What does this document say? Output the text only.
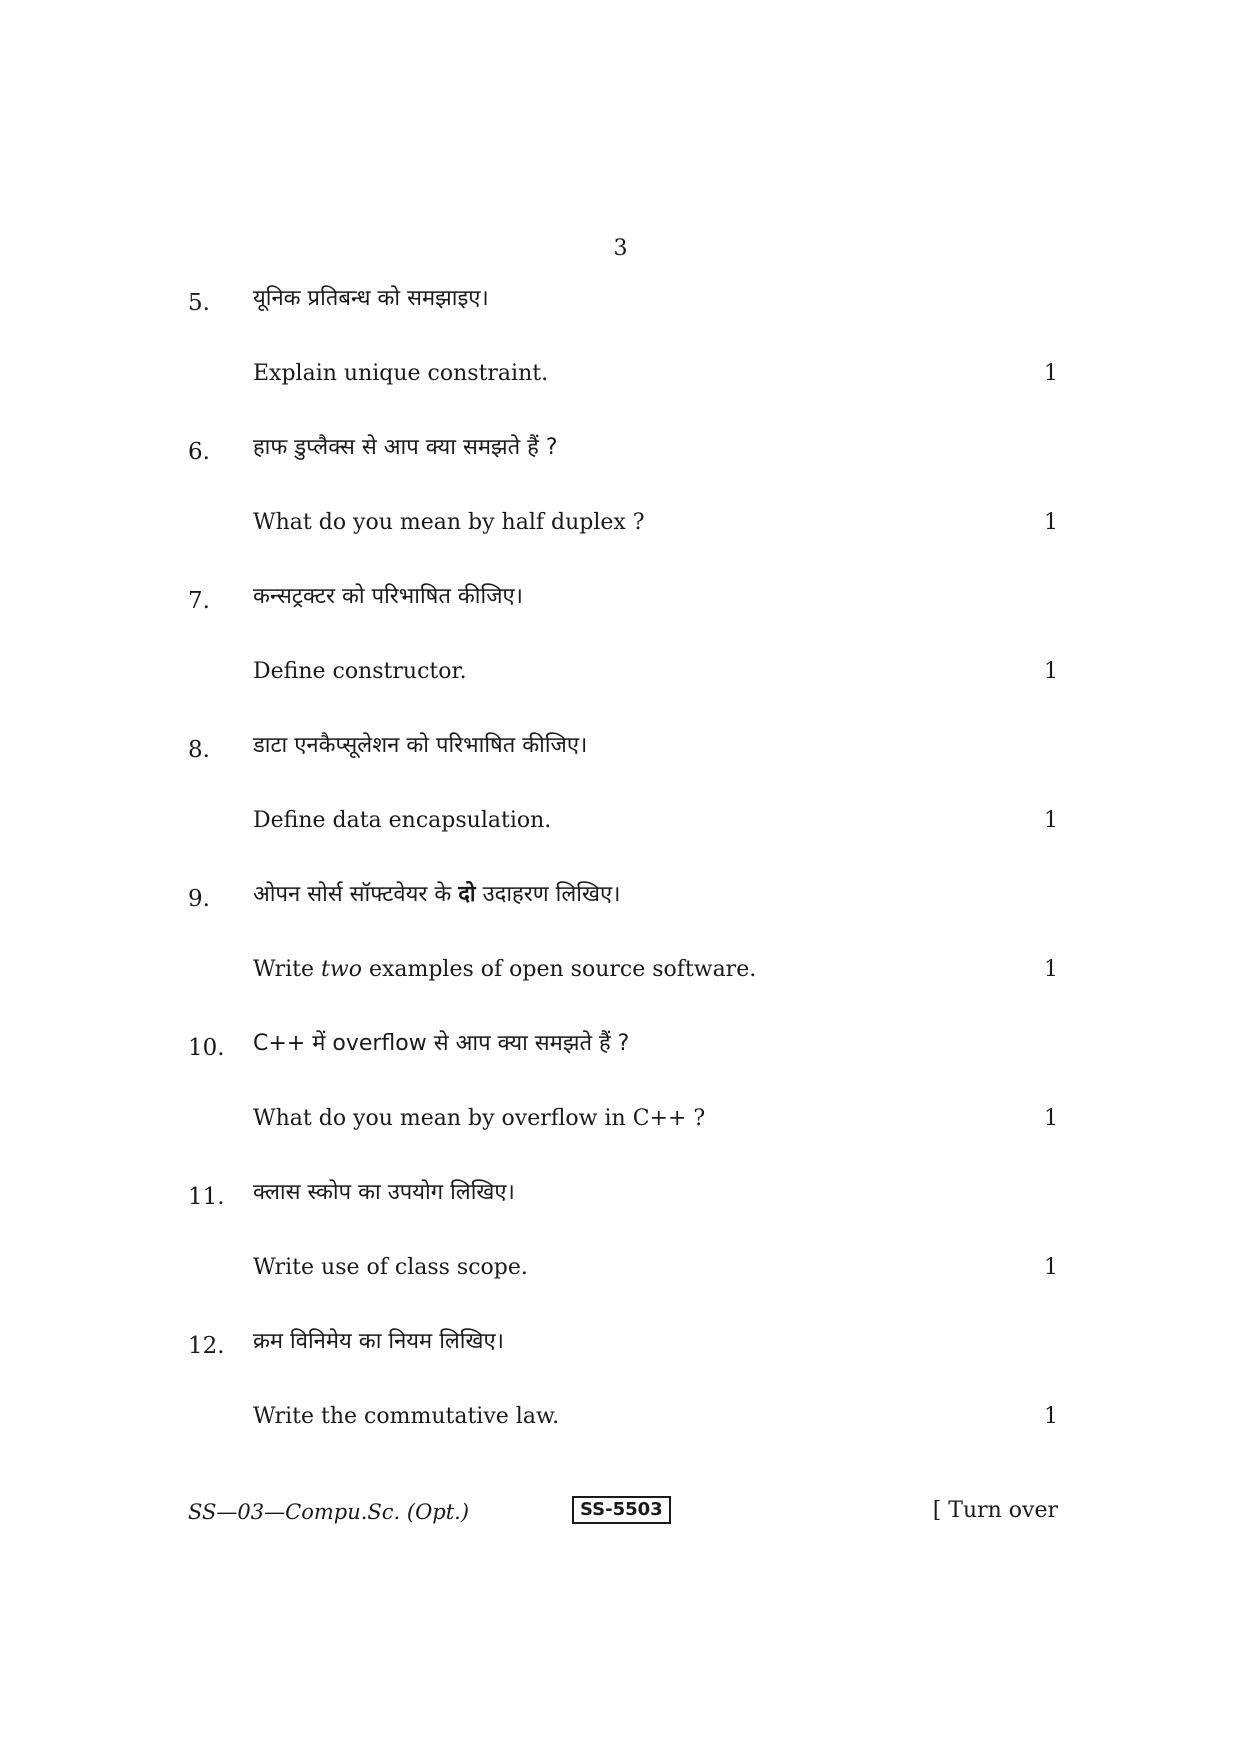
3
5.	यूनिक प्रतिबन्ध को समझाइए।
Explain unique constraint.	1
6.	हाफ डुप्लैक्स से आप क्या समझते हैं ?
What do you mean by half duplex ?	1
7.	कन्सट्रक्टर को परिभाषित कीजिए।
Define constructor.	1
8.	डाटा एनकैप्सूलेशन को परिभाषित कीजिए।
Define data encapsulation.	1
9.	ओपन सोर्स सॉफ्टवेयर के दो उदाहरण लिखिए।
Write two examples of open source software.	1
10.	C++ में overflow से आप क्या समझते हैं ?
What do you mean by overflow in C++ ?	1
11.	क्लास स्कोप का उपयोग लिखिए।
Write use of class scope.	1
12.	क्रम विनिमेय का नियम लिखिए।
Write the commutative law.	1
SS—03—Compu.Sc. (Opt.)	SS-5503	[ Turn over
